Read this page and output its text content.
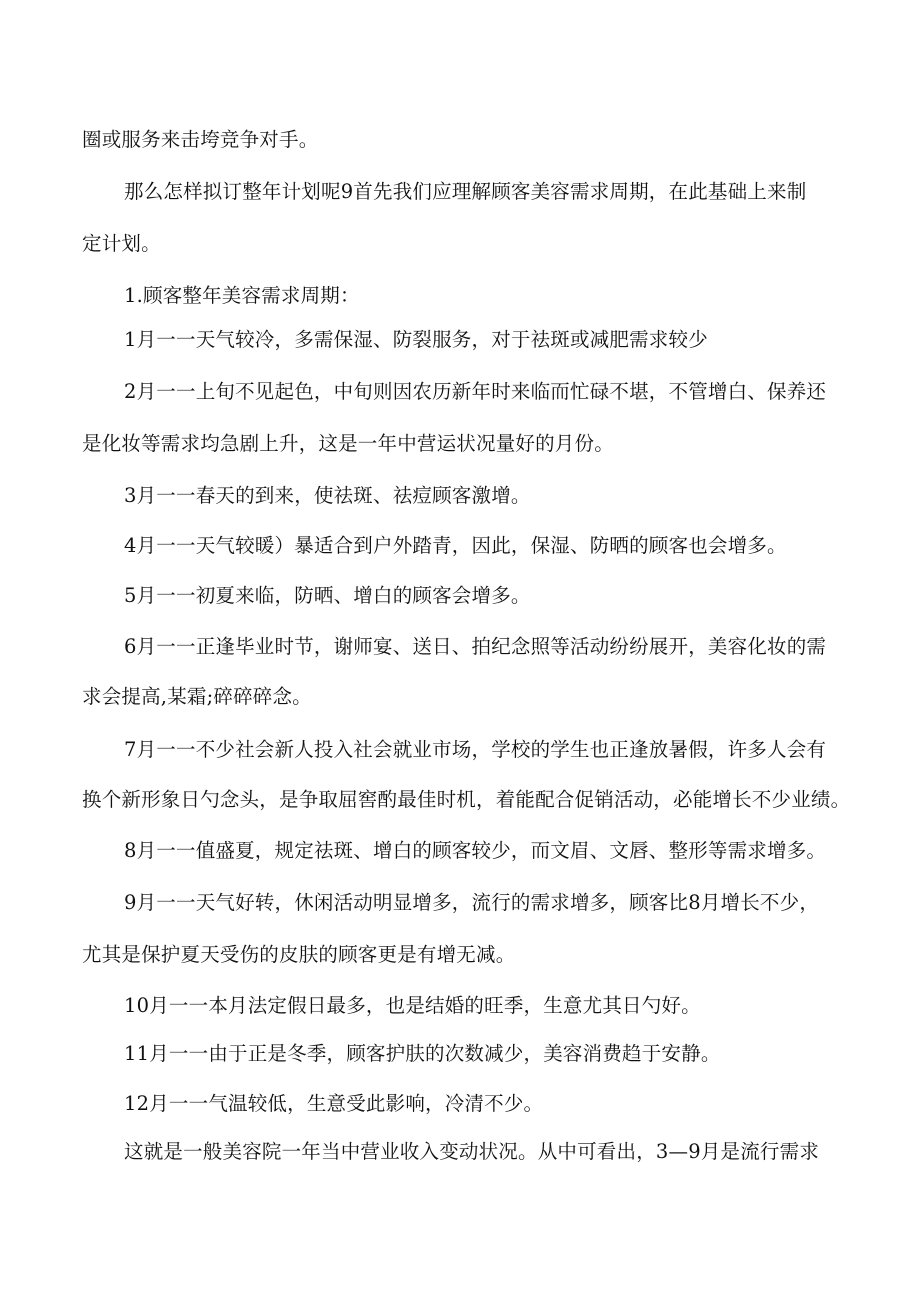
圈或服务来击垮竞争对手。
那么怎样拟订整年计划呢9首先我们应理解顾客美容需求周期，在此基础上来制
定计划。
1.顾客整年美容需求周期：
1月一一天气较冷，多需保湿、防裂服务，对于祛斑或减肥需求较少
2月一一上旬不见起色，中旬则因农历新年时来临而忙碌不堪，不管增白、保养还
是化妆等需求均急剧上升，这是一年中营运状况量好的月份。
3月一一春天的到来，使祛斑、祛痘顾客激增。
4月一一天气较暖）暴适合到户外踏青，因此，保湿、防晒的顾客也会增多。
5月一一初夏来临，防晒、增白的顾客会增多。
6月一一正逢毕业时节，谢师宴、送日、拍纪念照等活动纷纷展开，美容化妆的需
求会提高,某霜;碎碎碎念。
7月一一不少社会新人投入社会就业市场，学校的学生也正逢放暑假，许多人会有
换个新形象日勺念头，是争取屈窖酌最佳时机，着能配合促销活动，必能增长不少业绩。
8月一一值盛夏，规定祛斑、增白的顾客较少，而文眉、文唇、整形等需求增多。
9月一一天气好转，休闲活动明显增多，流行的需求增多，顾客比8月增长不少，
尤其是保护夏天受伤的皮肤的顾客更是有增无减。
10月一一本月法定假日最多，也是结婚的旺季，生意尤其日勺好。
11月一一由于正是冬季，顾客护肤的次数减少，美容消费趋于安静。
12月一一气温较低，生意受此影响，冷清不少。
这就是一般美容院一年当中营业收入变动状况。从中可看出，3—9月是流行需求
